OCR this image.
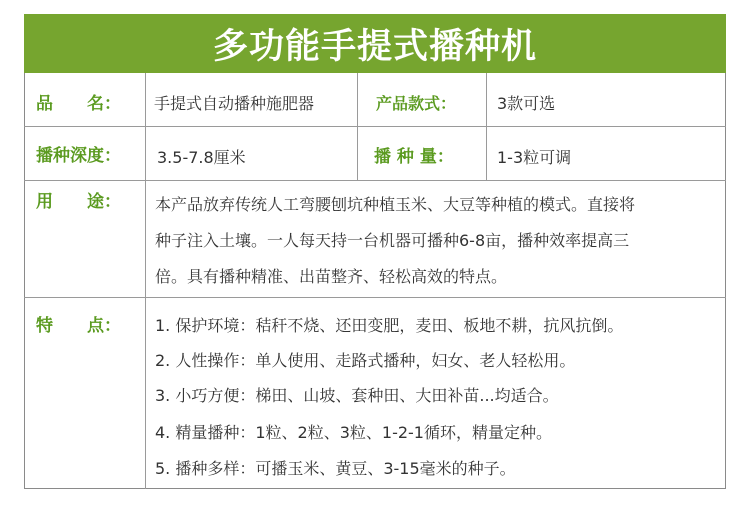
多功能手提式播种机
品　　名： 手提式自动播种施肥器	产品款式：	3款可选
播种深度： 3.5-7.8厘米	播 种 量：	1-3粒可调
用　　途： 本产品放弃传统人工弯腰刨坑种植玉米、大豆等种植的模式。直接将
种子注入土壤。一人每天持一台机器可播种6-8亩，播种效率提高三
倍。具有播种精准、出苗整齐、轻松高效的特点。
特　　点： 1. 保护环境：秸秆不烧、还田变肥，麦田、板地不耕，抗风抗倒。
2. 人性操作：单人使用、走路式播种，妇女、老人轻松用。
3. 小巧方便：梯田、山坡、套种田、大田补苗...均适合。
4. 精量播种：1粒、2粒、3粒、1-2-1循环，精量定种。
5. 播种多样：可播玉米、黄豆、3-15毫米的种子。
